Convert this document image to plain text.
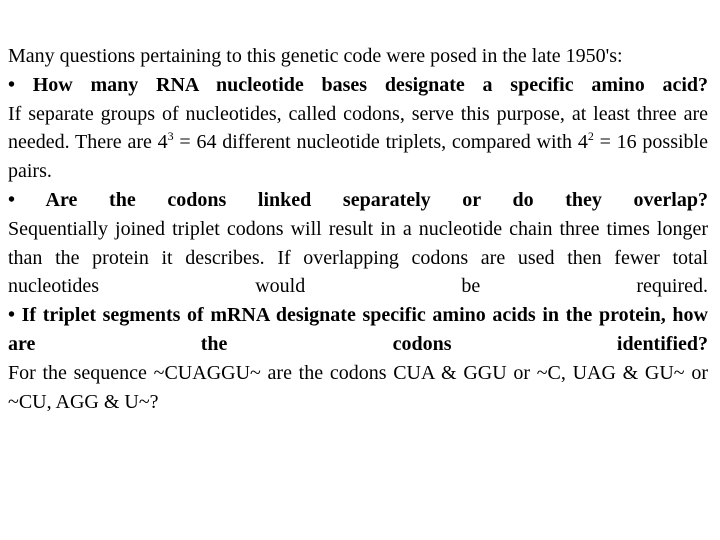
Many questions pertaining to this genetic code were posed in the late 1950's:

• How many RNA nucleotide bases designate a specific amino acid?

If separate groups of nucleotides, called codons, serve this purpose, at least three are needed. There are $4^3 = 64$ different nucleotide triplets, compared with $4^2 = 16$ possible pairs.

• Are the codons linked separately or do they overlap?

Sequentially joined triplet codons will result in a nucleotide chain three times longer than the protein it describes. If overlapping codons are used then fewer total nucleotides would be required.

• If triplet segments of mRNA designate specific amino acids in the protein, how are the codons identified?

For the sequence ~CUAGGU~ are the codons CUA & GGU or ~C, UAG & GU~ or ~CU, AGG & U~?
